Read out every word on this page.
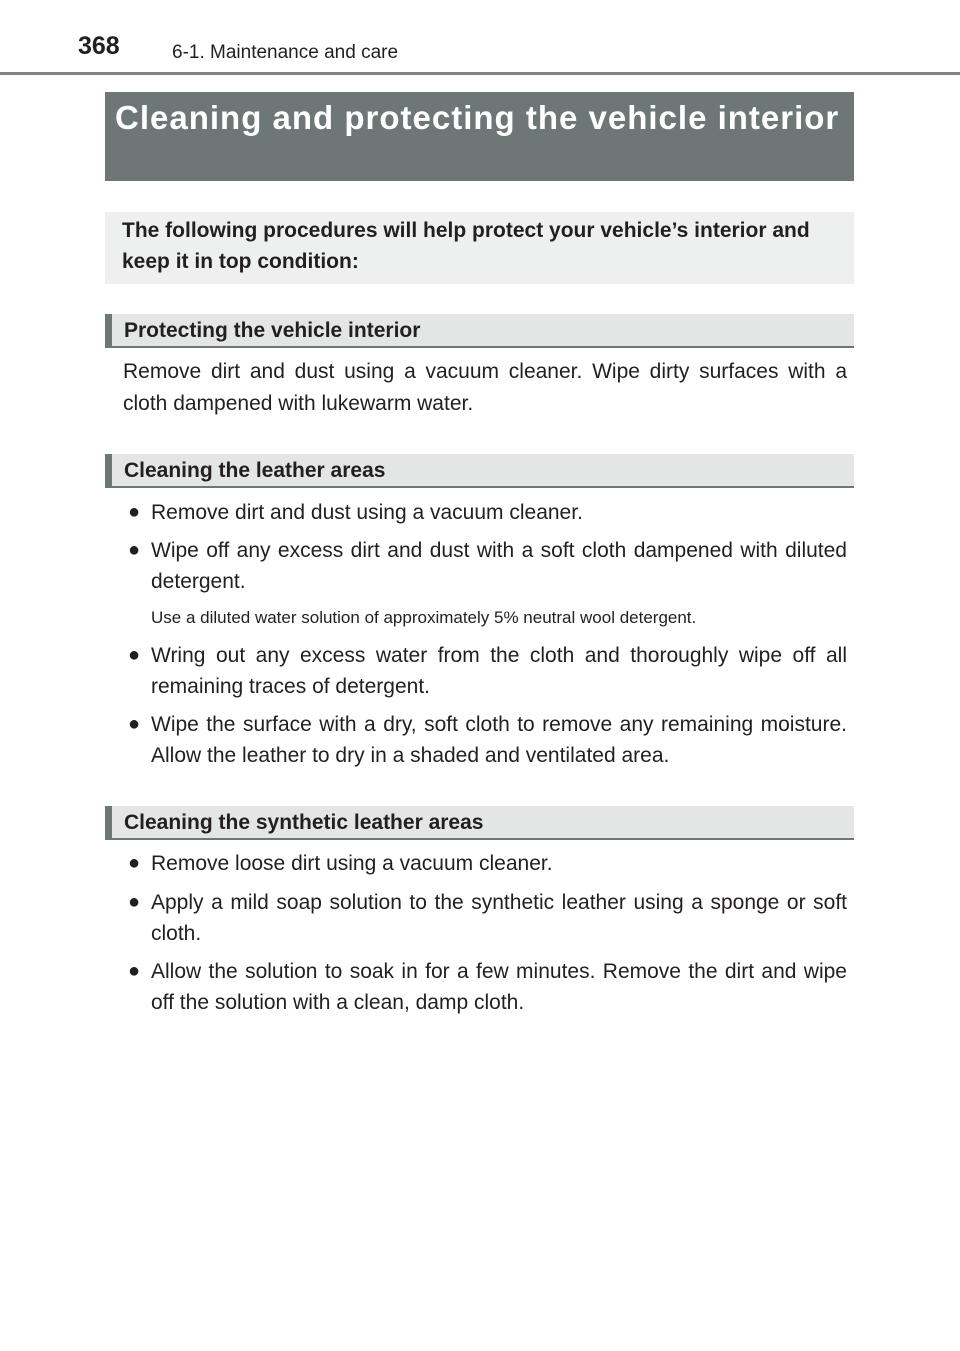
368	6-1. Maintenance and care
Cleaning and protecting the vehicle interior

The following procedures will help protect your vehicle’s interior and keep it in top condition:

Protecting the vehicle interior

Remove dirt and dust using a vacuum cleaner. Wipe dirty surfaces with a cloth dampened with lukewarm water.

Cleaning the leather areas
● Remove dirt and dust using a vacuum cleaner.

● Wipe off any excess dirt and dust with a soft cloth dampened with diluted detergent.

Use a diluted water solution of approximately 5% neutral wool detergent.

● Wring out any excess water from the cloth and thoroughly wipe off all remaining traces of detergent.

● Wipe the surface with a dry, soft cloth to remove any remaining moisture. Allow the leather to dry in a shaded and ventilated area.

Cleaning the synthetic leather areas
● Remove loose dirt using a vacuum cleaner.

● Apply a mild soap solution to the synthetic leather using a sponge or soft cloth.

● Allow the solution to soak in for a few minutes. Remove the dirt and wipe off the solution with a clean, damp cloth.
